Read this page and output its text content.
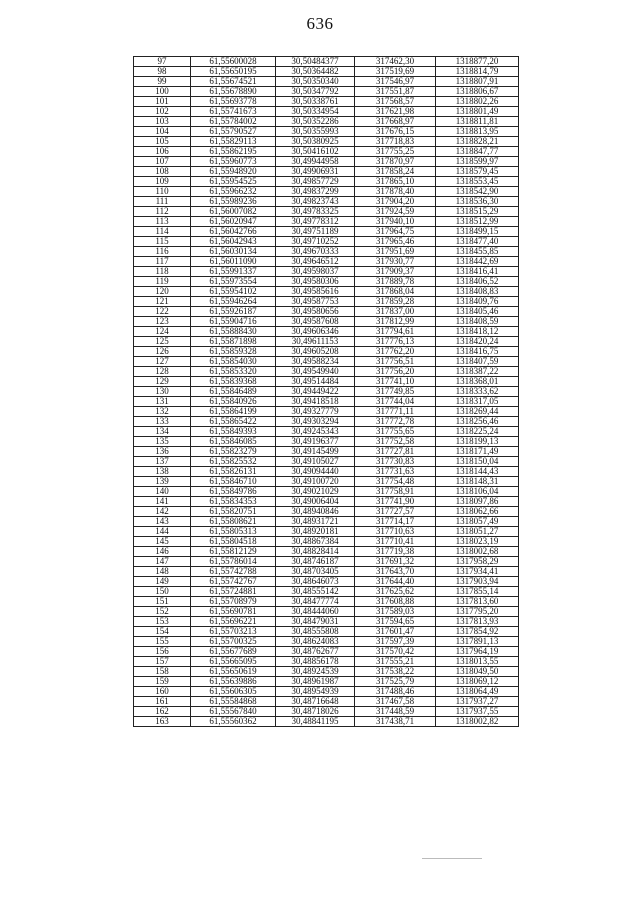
636
97	61,55600028	30,50484377	317462,30	1318877,20
98	61,55650195	30,50364482	317519,69	1318814,79
99	61,55674521	30,50350340	317546,97	1318807,91
100	61,55678890	30,50347792	317551,87	1318806,67
101	61,55693778	30,50338761	317568,57	1318802,26
102	61,55741673	30,50334954	317621,98	1318801,49
103	61,55784002	30,50352286	317668,97	1318811,81
104	61,55790527	30,50355993	317676,15	1318813,95
105	61,55829113	30,50380925	317718,83	1318828,21
106	61,55862195	30,50416102	317755,25	1318847,77
107	61,55960773	30,49944958	317870,97	1318599,97
108	61,55948920	30,49906931	317858,24	1318579,45
109	61,55954525	30,49857729	317865,10	1318553,45
110	61,55966232	30,49837299	317878,40	1318542,90
111	61,55989236	30,49823743	317904,20	1318536,30
112	61,56007082	30,49783325	317924,59	1318515,29
113	61,56020947	30,49778312	317940,10	1318512,99
114	61,56042766	30,49751189	317964,75	1318499,15
115	61,56042943	30,49710252	317965,46	1318477,40
116	61,56030134	30,49670333	317951,69	1318455,85
117	61,56011090	30,49646512	317930,77	1318442,69
118	61,55991337	30,49598037	317909,37	1318416,41
119	61,55973554	30,49580306	317889,78	1318406,52
120	61,55954102	30,49585616	317868,04	1318408,83
121	61,55946264	30,49587753	317859,28	1318409,76
122	61,55926187	30,49580656	317837,00	1318405,46
123	61,55904716	30,49587608	317812,99	1318408,59
124	61,55888430	30,49606346	317794,61	1318418,12
125	61,55871898	30,49611153	317776,13	1318420,24
126	61,55859328	30,49605208	317762,20	1318416,75
127	61,55854030	30,49588234	317756,51	1318407,59
128	61,55853320	30,49549940	317756,20	1318387,22
129	61,55839368	30,49514484	317741,10	1318368,01
130	61,55846489	30,49449422	317749,85	1318333,62
131	61,55840926	30,49418518	317744,04	1318317,05
132	61,55864199	30,49327779	317771,11	1318269,44
133	61,55865422	30,49303294	317772,78	1318256,46
134	61,55849393	30,49245343	317755,65	1318225,24
135	61,55846085	30,49196377	317752,58	1318199,13
136	61,55823279	30,49145499	317727,81	1318171,49
137	61,55825532	30,49105027	317730,83	1318150,04
138	61,55826131	30,49094440	317731,63	1318144,43
139	61,55846710	30,49100720	317754,48	1318148,31
140	61,55849786	30,49021029	317758,91	1318106,04
141	61,55834353	30,49006404	317741,90	1318097,86
142	61,55820751	30,48940846	317727,57	1318062,66
143	61,55808621	30,48931721	317714,17	1318057,49
144	61,55805313	30,48920181	317710,63	1318051,27
145	61,55804518	30,48867384	317710,41	1318023,19
146	61,55812129	30,48828414	317719,38	1318002,68
147	61,55786014	30,48746187	317691,32	1317958,29
148	61,55742788	30,48703405	317643,70	1317934,41
149	61,55742767	30,48646073	317644,40	1317903,94
150	61,55724881	30,48555142	317625,62	1317855,14
151	61,55708979	30,48477774	317608,88	1317813,60
152	61,55690781	30,48444060	317589,03	1317795,20
153	61,55696221	30,48479031	317594,65	1317813,93
154	61,55703213	30,48555808	317601,47	1317854,92
155	61,55700325	30,48624083	317597,39	1317891,13
156	61,55677689	30,48762677	317570,42	1317964,19
157	61,55665095	30,48856178	317555,21	1318013,55
158	61,55650619	30,48924539	317538,22	1318049,50
159	61,55639886	30,48961987	317525,79	1318069,12
160	61,55606305	30,48954939	317488,46	1318064,49
161	61,55584868	30,48716648	317467,58	1317937,27
162	61,55567840	30,48718026	317448,59	1317937,55
163	61,55560362	30,48841195	317438,71	1318002,82
